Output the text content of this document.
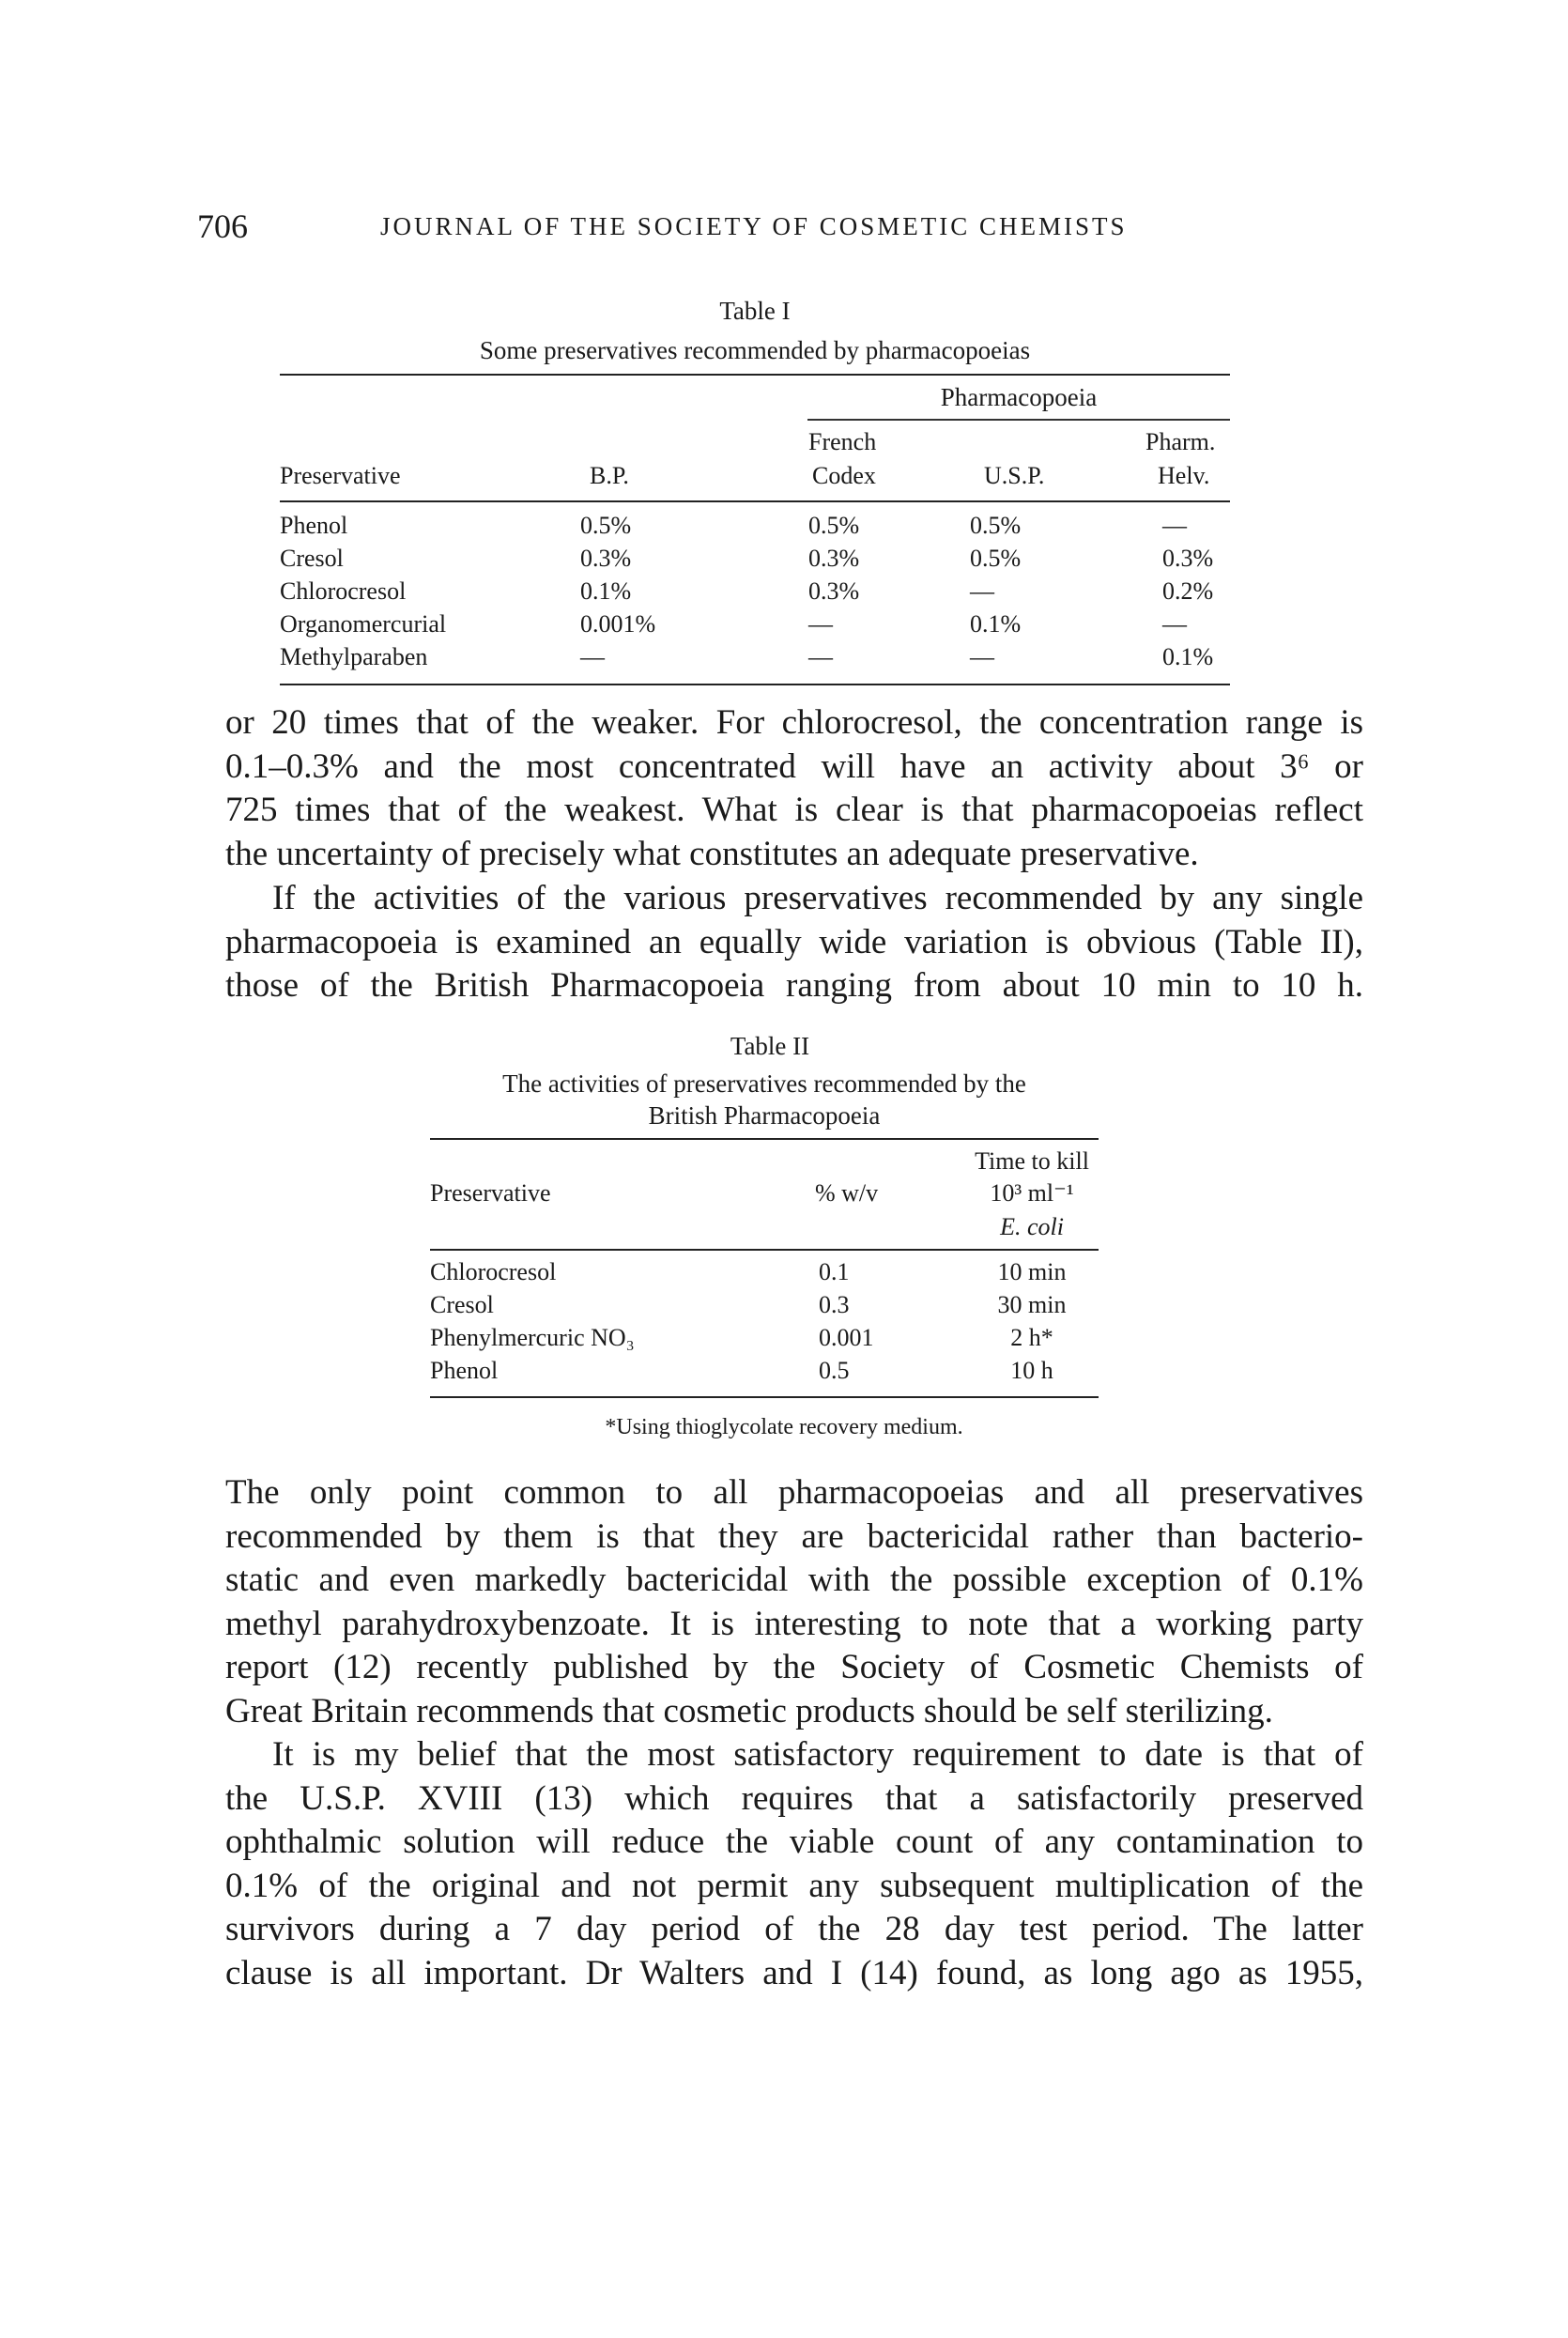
706	JOURNAL OF THE SOCIETY OF COSMETIC CHEMISTS
Table I
Some preservatives recommended by pharmacopoeias
Pharmacopoeia
French	Pharm.
Preservative	B.P.	Codex	U.S.P.	Helv.
Phenol	0.5%	0.5%	0.5%	—
Cresol	0.3%	0.3%	0.5%	0.3%
Chlorocresol	0.1%	0.3%	—	0.2%
Organomercurial	0.001%	—	0.1%	—
Methylparaben	—	—	—	0.1%
or 20 times that of the weaker. For chlorocresol, the concentration range is
0.1–0.3% and the most concentrated will have an activity about 3⁶ or
725 times that of the weakest. What is clear is that pharmacopoeias reflect
the uncertainty of precisely what constitutes an adequate preservative.
If the activities of the various preservatives recommended by any single
pharmacopoeia is examined an equally wide variation is obvious (Table II),
those of the British Pharmacopoeia ranging from about 10 min to 10 h.
Table II
The activities of preservatives recommended by the
British Pharmacopoeia
Time to kill
Preservative	% w/v	10³ ml⁻¹
E. coli
Chlorocresol	0.1	10 min
Cresol	0.3	30 min
Phenylmercuric NO₃	0.001	2 h*
Phenol	0.5	10 h
*Using thioglycolate recovery medium.
The only point common to all pharmacopoeias and all preservatives
recommended by them is that they are bactericidal rather than bacterio-
static and even markedly bactericidal with the possible exception of 0.1%
methyl parahydroxybenzoate. It is interesting to note that a working party
report (12) recently published by the Society of Cosmetic Chemists of
Great Britain recommends that cosmetic products should be self sterilizing.
It is my belief that the most satisfactory requirement to date is that of
the U.S.P. XVIII (13) which requires that a satisfactorily preserved
ophthalmic solution will reduce the viable count of any contamination to
0.1% of the original and not permit any subsequent multiplication of the
survivors during a 7 day period of the 28 day test period. The latter
clause is all important. Dr Walters and I (14) found, as long ago as 1955,
